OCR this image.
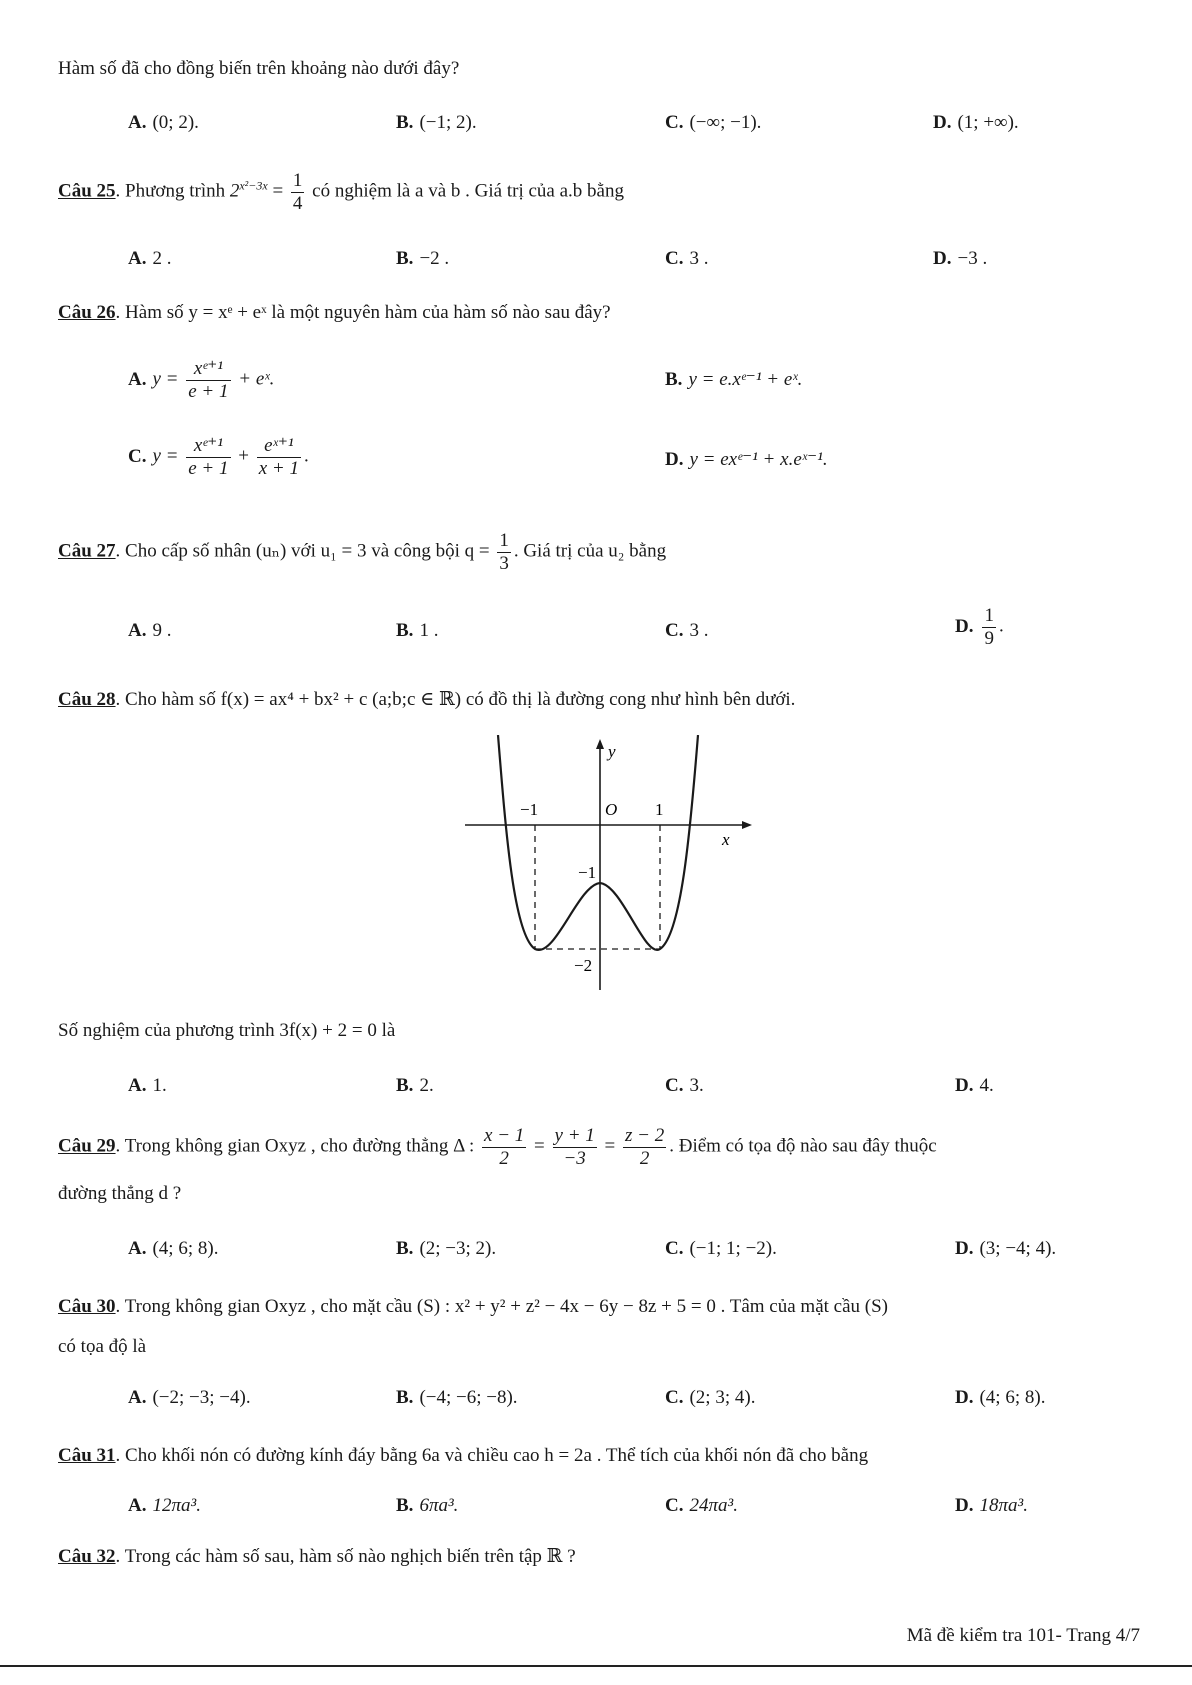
Hàm số đã cho đồng biến trên khoảng nào dưới đây?
A. (0; 2).	B. (−1; 2).	C. (−∞; −1).	D. (1; +∞).
Câu 25. Phương trình $2^{x^2-3x} = \frac{1}{4}$ có nghiệm là a và b . Giá trị của a.b bằng
A. 2 .	B. −2 .	C. 3 .	D. −3 .
Câu 26. Hàm số y = xᵉ + eˣ là một nguyên hàm của hàm số nào sau đây?
A. $y = \frac{\text{xᵉ⁺¹}}{e + 1}$ + eˣ.	B. y = e.xᵉ⁻¹ + eˣ.
C. $y = \frac{\text{xᵉ⁺¹}}{e + 1} + \frac{\text{eˣ⁺¹}}{x + 1}$ .	D. y = exᵉ⁻¹ + x.eˣ⁻¹.
Câu 27. Cho cấp số nhân (uₙ) với u₁ = 3 và công bội $q = \frac{1}{3}$ . Giá trị của u₂ bằng
A. 9 .	B. 1 .	C. 3 .	D. $\frac{1}{9}$ .
Câu 28. Cho hàm số f(x) = ax⁴ + bx² + c (a;b;c ∈ ℝ) có đồ thị là đường cong như hình bên dưới.
y
x
O
−1	1
−1
−2
Số nghiệm của phương trình 3f(x) + 2 = 0 là
A. 1.	B. 2.	C. 3.	D. 4.
Câu 29. Trong không gian Oxyz , cho đường thẳng Δ : $\frac{x - 1}{2} = \frac{y + 1}{-3} = \frac{z - 2}{2}$ . Điểm có tọa độ nào sau đây thuộc
đường thẳng d ?
A. (4; 6; 8).	B. (2; −3; 2).	C. (−1; 1; −2).	D. (3; −4; 4).
Câu 30. Trong không gian Oxyz , cho mặt cầu (S) : x² + y² + z² − 4x − 6y − 8z + 5 = 0 . Tâm của mặt cầu (S)
có tọa độ là
A. (−2; −3; −4).	B. (−4; −6; −8).	C. (2; 3; 4).	D. (4; 6; 8).
Câu 31. Cho khối nón có đường kính đáy bằng 6a và chiều cao h = 2a . Thể tích của khối nón đã cho bằng
A. 12πa³.	B. 6πa³.	C. 24πa³.	D. 18πa³.
Câu 32. Trong các hàm số sau, hàm số nào nghịch biến trên tập ℝ ?
Mã đề kiểm tra 101- Trang 4/7
